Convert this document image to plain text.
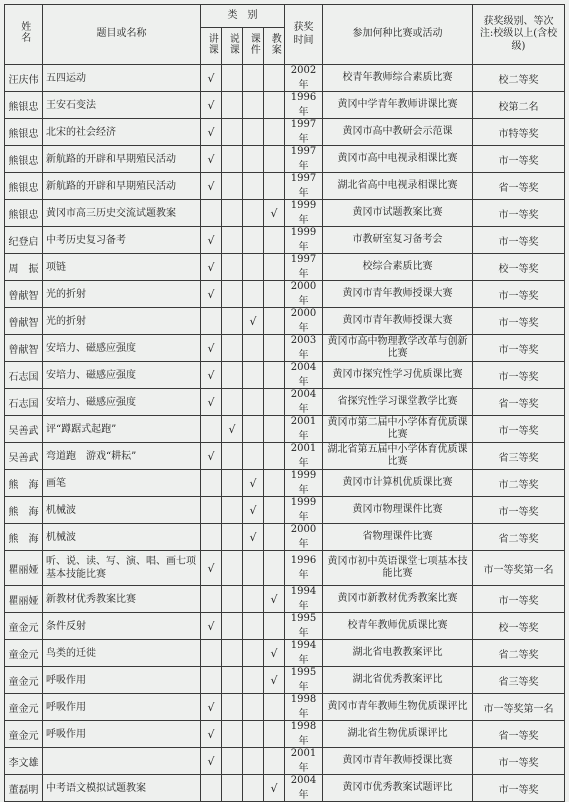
姓名	题目或名称	类　别				获奖时间	参加何种比赛或活动	获奖级别、等次 注:校级以上(含校级)
		讲课	说课	课件	教案			
汪庆伟	五四运动	√				2002 年	校青年教师综合素质比赛	校二等奖
熊银忠	王安石变法	√				1996 年	黄冈中学青年教师讲课比赛	校第二名
熊银忠	北宋的社会经济	√				1997 年	黄冈市高中教研会示范课	市特等奖
熊银忠	新航路的开辟和早期殖民活动	√				1997 年	黄冈市高中电视录相课比赛	市一等奖
熊银忠	新航路的开辟和早期殖民活动	√				1997 年	湖北省高中电视录相课比赛	省一等奖
熊银忠	黄冈市高三历史交流试题教案				√	1999 年	黄冈市试题教案比赛	市一等奖
纪登启	中考历史复习备考	√				1999 年	市教研室复习备考会	市一等奖
周　振	项链	√				1997 年	校综合素质比赛	校一等奖
曾献智	光的折射	√				2000 年	黄冈市青年教师授课大赛	市一等奖
曾献智	光的折射			√		2000 年	黄冈市青年教师授课大赛	市一等奖
曾献智	安培力、磁感应强度	√				2003 年	黄冈市高中物理教学改革与创新比赛	市一等奖
石志国	安培力、磁感应强度	√				2004 年	黄冈市探究性学习优质课比赛	市一等奖
石志国	安培力、磁感应强度	√				2004 年	省探究性学习课堂教学比赛	省一等奖
吴善武	评“蹲踞式起跑”		√			2001 年	黄冈市第二届中小学体育优质课比赛	市一等奖
吴善武	弯道跑　游戏“耕耘”	√				2001 年	湖北省第五届中小学体育优质课比赛	省三等奖
熊　海	画笔			√		1999 年	黄冈市计算机优质课比赛	市二等奖
熊　海	机械波			√		1999 年	黄冈市物理课件比赛	市一等奖
熊　海	机械波			√		2000 年	省物理课件比赛	省二等奖
瞿丽娅	听、说、读、写、演、唱、画七项基本技能比赛	√				1996 年	黄冈市初中英语课堂七项基本技能比赛	市一等奖第一名
瞿丽娅	新教材优秀教案比赛				√	1994 年	黄冈市新教材优秀教案比赛	市一等奖
童金元	条件反射	√				1995 年	校青年教师优质课比赛	校一等奖
童金元	鸟类的迁徙				√	1994 年	湖北省电教教案评比	省二等奖
童金元	呼吸作用				√	1995 年	湖北省优秀教案评比	省三等奖
童金元	呼吸作用	√				1998 年	黄冈市青年教师生物优质课评比	市一等奖第一名
童金元	呼吸作用	√				1998 年	湖北省生物优质课评比	省一等奖
李文雄		√				2001 年	黄冈市青年教师授课比赛	市一等奖
董磊明	中考语文模拟试题教案				√	2004 年	黄冈市优秀教案试题评比	市一等奖
